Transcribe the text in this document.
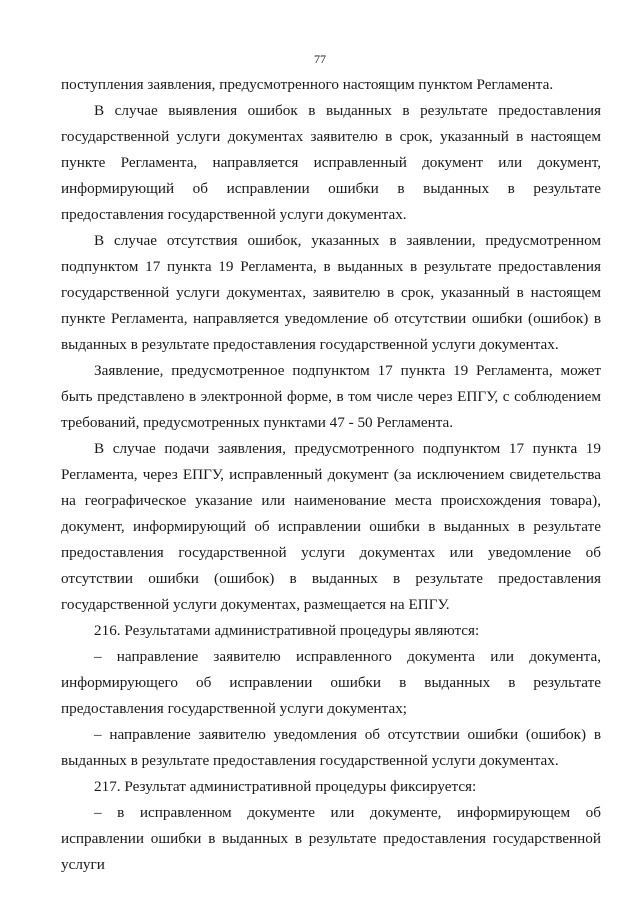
77

поступления заявления, предусмотренного настоящим пунктом Регламента.

В случае выявления ошибок в выданных в результате предоставления государственной услуги документах заявителю в срок, указанный в настоящем пункте Регламента, направляется исправленный документ или документ, информирующий об исправлении ошибки в выданных в результате предоставления государственной услуги документах.

В случае отсутствия ошибок, указанных в заявлении, предусмотренном подпунктом 17 пункта 19 Регламента, в выданных в результате предоставления государственной услуги документах, заявителю в срок, указанный в настоящем пункте Регламента, направляется уведомление об отсутствии ошибки (ошибок) в выданных в результате предоставления государственной услуги документах.

Заявление, предусмотренное подпунктом 17 пункта 19 Регламента, может быть представлено в электронной форме, в том числе через ЕПГУ, с соблюдением требований, предусмотренных пунктами 47 - 50 Регламента.

В случае подачи заявления, предусмотренного подпунктом 17 пункта 19 Регламента, через ЕПГУ, исправленный документ (за исключением свидетельства на географическое указание или наименование места происхождения товара), документ, информирующий об исправлении ошибки в выданных в результате предоставления государственной услуги документах или уведомление об отсутствии ошибки (ошибок) в выданных в результате предоставления государственной услуги документах, размещается на ЕПГУ.

216. Результатами административной процедуры являются:

– направление заявителю исправленного документа или документа, информирующего об исправлении ошибки в выданных в результате предоставления государственной услуги документах;

– направление заявителю уведомления об отсутствии ошибки (ошибок) в выданных в результате предоставления государственной услуги документах.

217. Результат административной процедуры фиксируется:

– в исправленном документе или документе, информирующем об исправлении ошибки в выданных в результате предоставления государственной услуги
